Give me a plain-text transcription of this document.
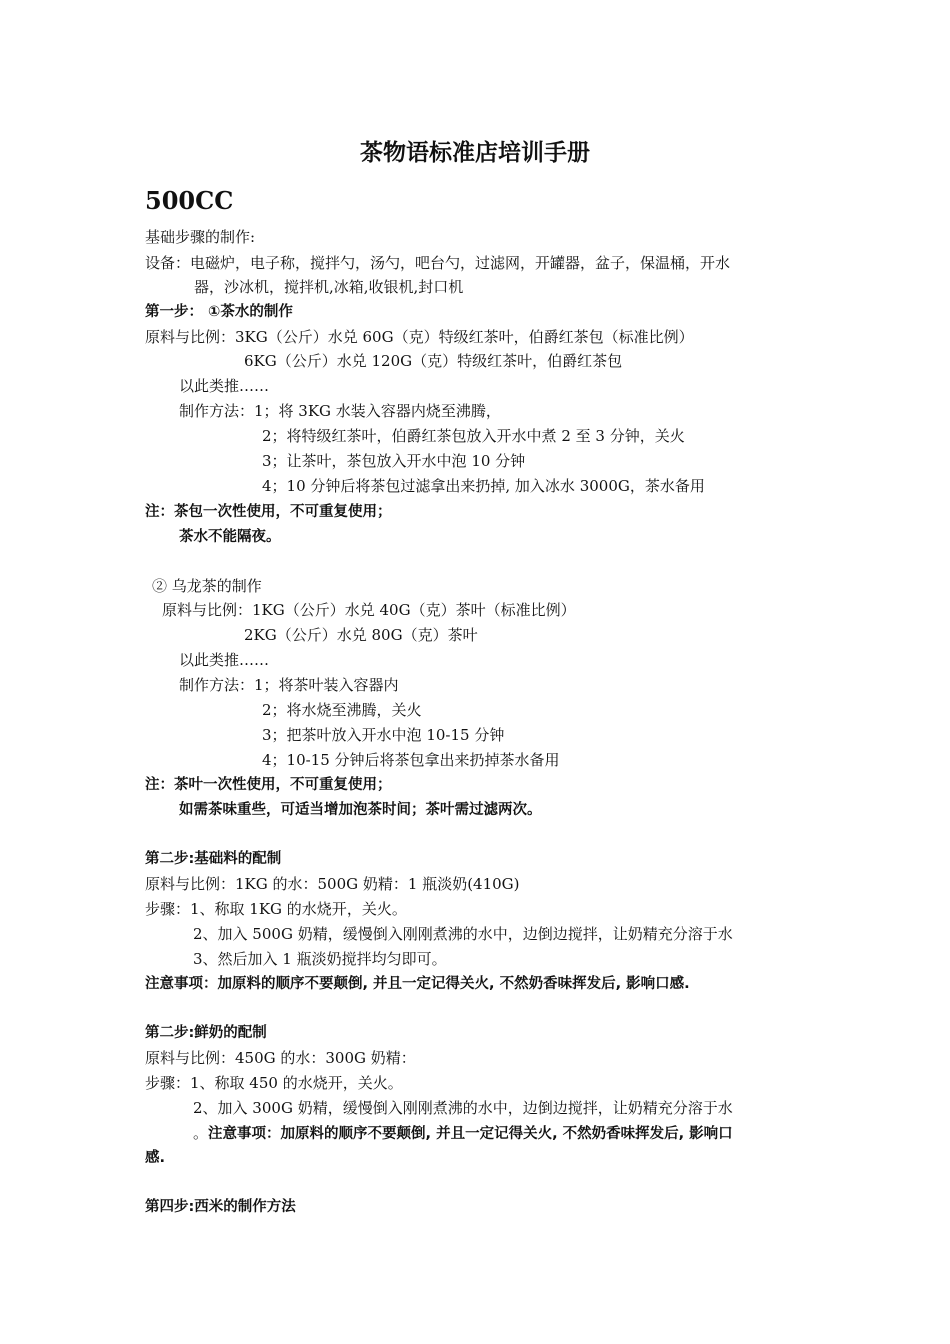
茶物语标准店培训手册
500CC
基础步骤的制作:
设备：电磁炉，电子称，搅拌勺，汤勺，吧台勺，过滤网，开罐器，盆子，保温桶，开水
器，沙冰机，搅拌机,冰箱,收银机,封口机
第一步： ①茶水的制作
原料与比例：3KG（公斤）水兑 60G（克）特级红茶叶，伯爵红茶包（标准比例）
6KG（公斤）水兑 120G（克）特级红茶叶，伯爵红茶包
以此类推……
制作方法：1；将 3KG 水装入容器内烧至沸腾，
2；将特级红茶叶，伯爵红茶包放入开水中煮 2 至 3 分钟，关火
3；让茶叶，茶包放入开水中泡 10 分钟
4；10 分钟后将茶包过滤拿出来扔掉, 加入冰水 3000G，茶水备用
注：茶包一次性使用，不可重复使用；
茶水不能隔夜。
② 乌龙茶的制作
原料与比例：1KG（公斤）水兑 40G（克）茶叶（标准比例）
2KG（公斤）水兑 80G（克）茶叶
以此类推……
制作方法：1；将茶叶装入容器内
2；将水烧至沸腾，关火
3；把茶叶放入开水中泡 10-15 分钟
4；10-15 分钟后将茶包拿出来扔掉茶水备用
注：茶叶一次性使用，不可重复使用；
如需茶味重些，可适当增加泡茶时间；茶叶需过滤两次。
第二步:基础料的配制
原料与比例：1KG 的水：500G 奶精：1 瓶淡奶(410G)
步骤：1、称取 1KG 的水烧开，关火。
2、加入 500G 奶精，缓慢倒入刚刚煮沸的水中，边倒边搅拌，让奶精充分溶于水
3、然后加入 1 瓶淡奶搅拌均匀即可。
注意事项：加原料的顺序不要颠倒, 并且一定记得关火, 不然奶香味挥发后, 影响口感.
第二步:鲜奶的配制
原料与比例：450G 的水：300G 奶精：
步骤：1、称取 450 的水烧开，关火。
2、加入 300G 奶精，缓慢倒入刚刚煮沸的水中，边倒边搅拌，让奶精充分溶于水
。注意事项：加原料的顺序不要颠倒, 并且一定记得关火, 不然奶香味挥发后, 影响口
感.
第四步:西米的制作方法
